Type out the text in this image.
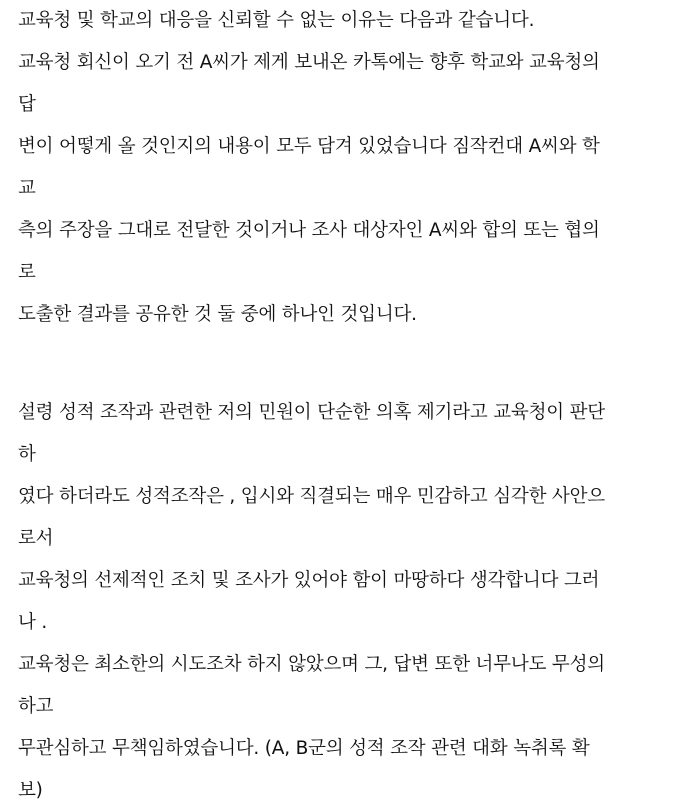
교육청 및 학교의 대응을 신뢰할 수 없는 이유는 다음과 같습니다.
교육청 회신이 오기 전 A씨가 제게 보내온 카톡에는 향후 학교와 교육청의
답
변이 어떻게 올 것인지의 내용이 모두 담겨 있었습니다 짐작컨대 A씨와 학
교
측의 주장을 그대로 전달한 것이거나 조사 대상자인 A씨와 합의 또는 협의
로
도출한 결과를 공유한 것 둘 중에 하나인 것입니다.
설령 성적 조작과 관련한 저의 민원이 단순한 의혹 제기라고 교육청이 판단
하
였다 하더라도 성적조작은 , 입시와 직결되는 매우 민감하고 심각한 사안으
로서
교육청의 선제적인 조치 및 조사가 있어야 함이 마땅하다 생각합니다 그러
나 .
교육청은 최소한의 시도조차 하지 않았으며 그, 답변 또한 너무나도 무성의
하고
무관심하고 무책임하였습니다. (A, B군의 성적 조작 관련 대화 녹취록 확
보)
